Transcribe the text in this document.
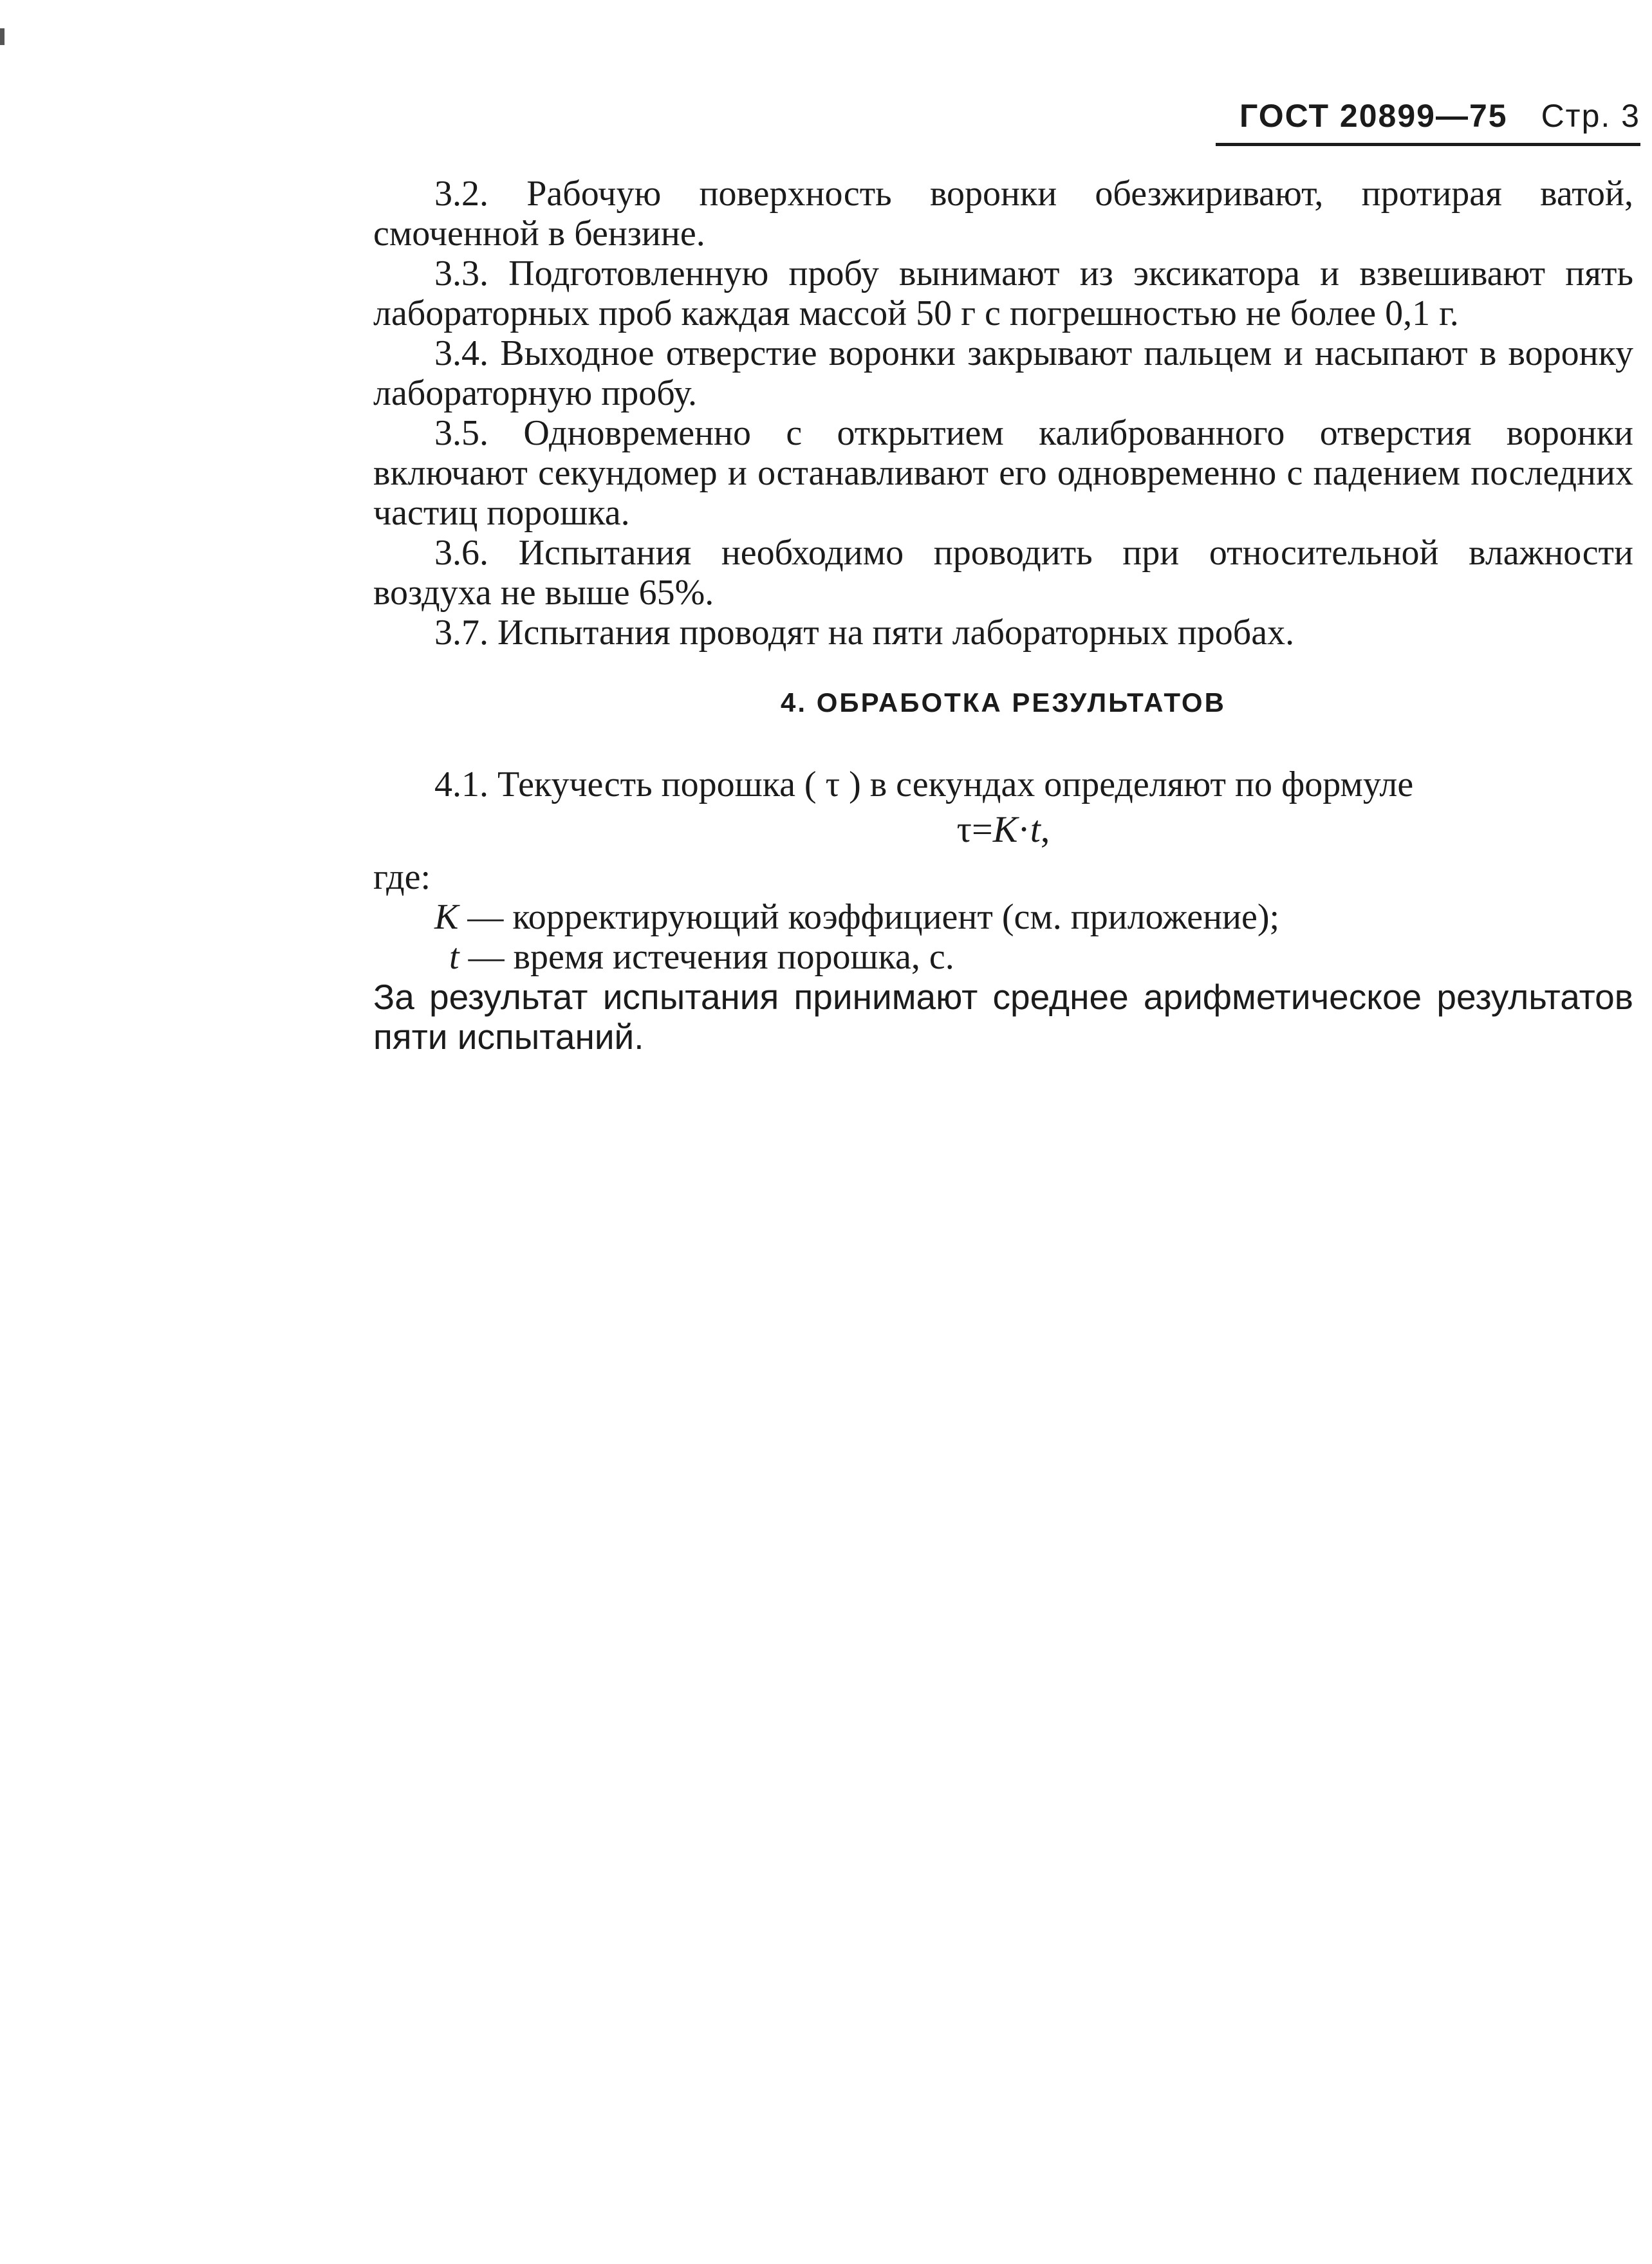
ГОСТ 20899—75 Стр. 3

3.2. Рабочую поверхность воронки обезжиривают, протирая ватой, смоченной в бензине.

3.3. Подготовленную пробу вынимают из эксикатора и взвешивают пять лабораторных проб каждая массой 50 г с погрешностью не более 0,1 г.

3.4. Выходное отверстие воронки закрывают пальцем и насыпают в воронку лабораторную пробу.

3.5. Одновременно с открытием калиброванного отверстия воронки включают секундомер и останавливают его одновременно с падением последних частиц порошка.

3.6. Испытания необходимо проводить при относительной влажности воздуха не выше 65%.

3.7. Испытания проводят на пяти лабораторных пробах.

4. ОБРАБОТКА РЕЗУЛЬТАТОВ

4.1. Текучесть порошка ( τ ) в секундах определяют по формуле

τ=K·t,

где:

K — корректирующий коэффициент (см. приложение);

t — время истечения порошка, с.

За результат испытания принимают среднее арифметическое результатов пяти испытаний.
